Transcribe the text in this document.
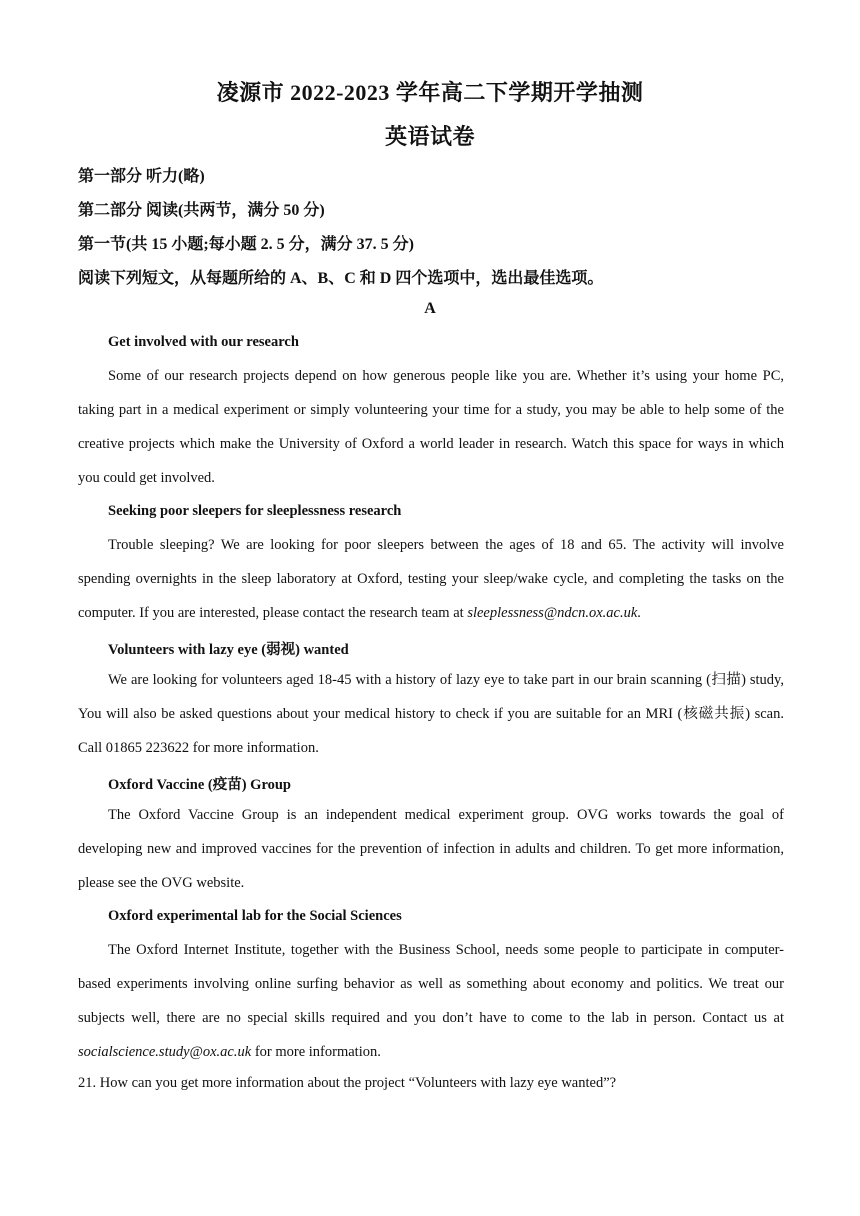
凌源市 2022-2023 学年高二下学期开学抽测
英语试卷
第一部分 听力(略)
第二部分 阅读(共两节，满分 50 分)
第一节(共 15 小题;每小题 2. 5 分，满分 37. 5 分)
阅读下列短文，从每题所给的 A、B、C 和 D 四个选项中，选出最佳选项。
A
Get involved with our research

Some of our research projects depend on how generous people like you are. Whether it’s using your home PC, taking part in a medical experiment or simply volunteering your time for a study, you may be able to help some of the creative projects which make the University of Oxford a world leader in research. Watch this space for ways in which you could get involved.

Seeking poor sleepers for sleeplessness research

Trouble sleeping? We are looking for poor sleepers between the ages of 18 and 65. The activity will involve spending overnights in the sleep laboratory at Oxford, testing your sleep/wake cycle, and completing the tasks on the computer. If you are interested, please contact the research team at sleeplessness@ndcn.ox.ac.uk.

Volunteers with lazy eye (弱视) wanted

We are looking for volunteers aged 18-45 with a history of lazy eye to take part in our brain scanning (扫描) study, You will also be asked questions about your medical history to check if you are suitable for an MRI (核磁共振) scan. Call 01865 223622 for more information.

Oxford Vaccine (疫苗) Group

The Oxford Vaccine Group is an independent medical experiment group. OVG works towards the goal of developing new and improved vaccines for the prevention of infection in adults and children. To get more information, please see the OVG website.

Oxford experimental lab for the Social Sciences

The Oxford Internet Institute, together with the Business School, needs some people to participate in computer-based experiments involving online surfing behavior as well as something about economy and politics. We treat our subjects well, there are no special skills required and you don’t have to come to the lab in person. Contact us at socialscience.study@ox.ac.uk for more information.

21. How can you get more information about the project “Volunteers with lazy eye wanted”?
